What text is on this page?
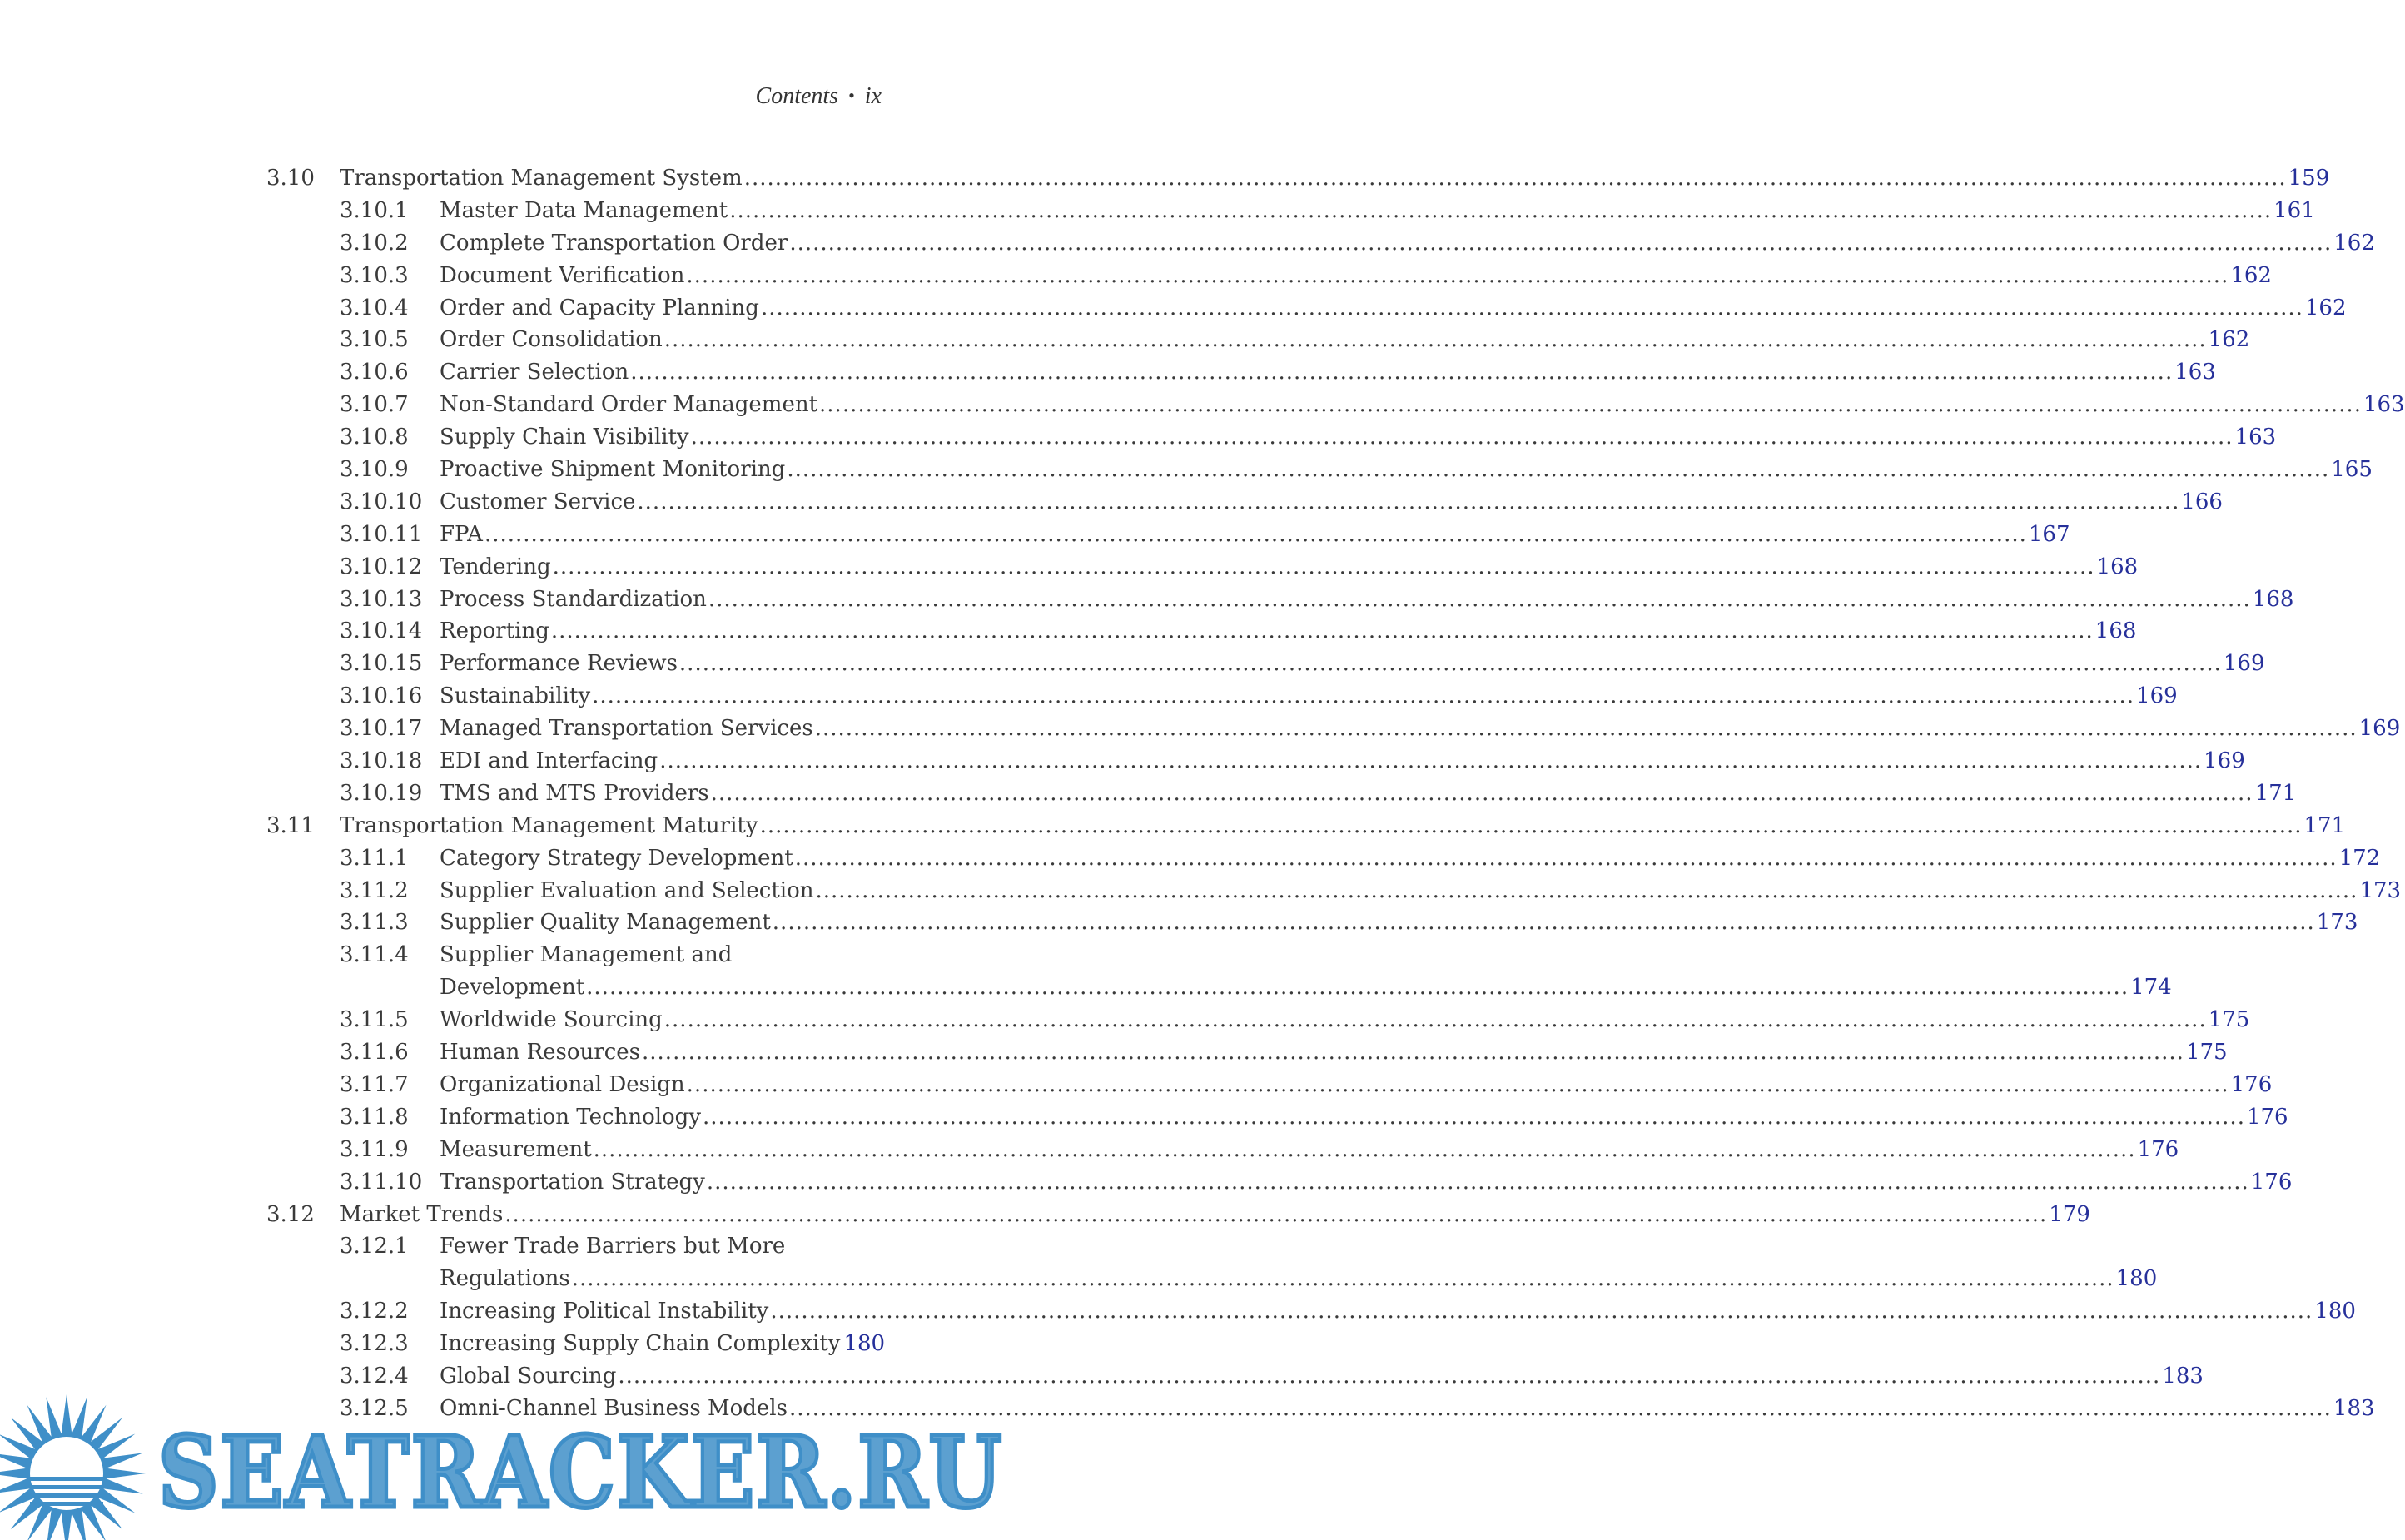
Contents • ix
3.10 Transportation Management System ........................................................................................................................................................................................................ 159
3.10.1 Master Data Management ........................................................................................................................................................................................................ 161
3.10.2 Complete Transportation Order ........................................................................................................................................................................................................ 162
3.10.3 Document Verification ........................................................................................................................................................................................................ 162
3.10.4 Order and Capacity Planning ........................................................................................................................................................................................................ 162
3.10.5 Order Consolidation ........................................................................................................................................................................................................ 162
3.10.6 Carrier Selection ........................................................................................................................................................................................................ 163
3.10.7 Non-Standard Order Management ........................................................................................................................................................................................................ 163
3.10.8 Supply Chain Visibility ........................................................................................................................................................................................................ 163
3.10.9 Proactive Shipment Monitoring ........................................................................................................................................................................................................ 165
3.10.10 Customer Service ........................................................................................................................................................................................................ 166
3.10.11 FPA ........................................................................................................................................................................................................ 167
3.10.12 Tendering ........................................................................................................................................................................................................ 168
3.10.13 Process Standardization ........................................................................................................................................................................................................ 168
3.10.14 Reporting ........................................................................................................................................................................................................ 168
3.10.15 Performance Reviews ........................................................................................................................................................................................................ 169
3.10.16 Sustainability ........................................................................................................................................................................................................ 169
3.10.17 Managed Transportation Services ........................................................................................................................................................................................................ 169
3.10.18 EDI and Interfacing ........................................................................................................................................................................................................ 169
3.10.19 TMS and MTS Providers ........................................................................................................................................................................................................ 171
3.11 Transportation Management Maturity ........................................................................................................................................................................................................ 171
3.11.1 Category Strategy Development ........................................................................................................................................................................................................ 172
3.11.2 Supplier Evaluation and Selection ........................................................................................................................................................................................................ 173
3.11.3 Supplier Quality Management ........................................................................................................................................................................................................ 173
3.11.4 Supplier Management and
Development ........................................................................................................................................................................................................ 174
3.11.5 Worldwide Sourcing ........................................................................................................................................................................................................ 175
3.11.6 Human Resources ........................................................................................................................................................................................................ 175
3.11.7 Organizational Design ........................................................................................................................................................................................................ 176
3.11.8 Information Technology ........................................................................................................................................................................................................ 176
3.11.9 Measurement ........................................................................................................................................................................................................ 176
3.11.10 Transportation Strategy ........................................................................................................................................................................................................ 176
3.12 Market Trends ........................................................................................................................................................................................................ 179
3.12.1 Fewer Trade Barriers but More
Regulations ........................................................................................................................................................................................................ 180
3.12.2 Increasing Political Instability ........................................................................................................................................................................................................ 180
3.12.3 Increasing Supply Chain Complexity 180
3.12.4 Global Sourcing ........................................................................................................................................................................................................ 183
3.12.5 Omni-Channel Business Models ........................................................................................................................................................................................................ 183
SEATRACKER.RU
